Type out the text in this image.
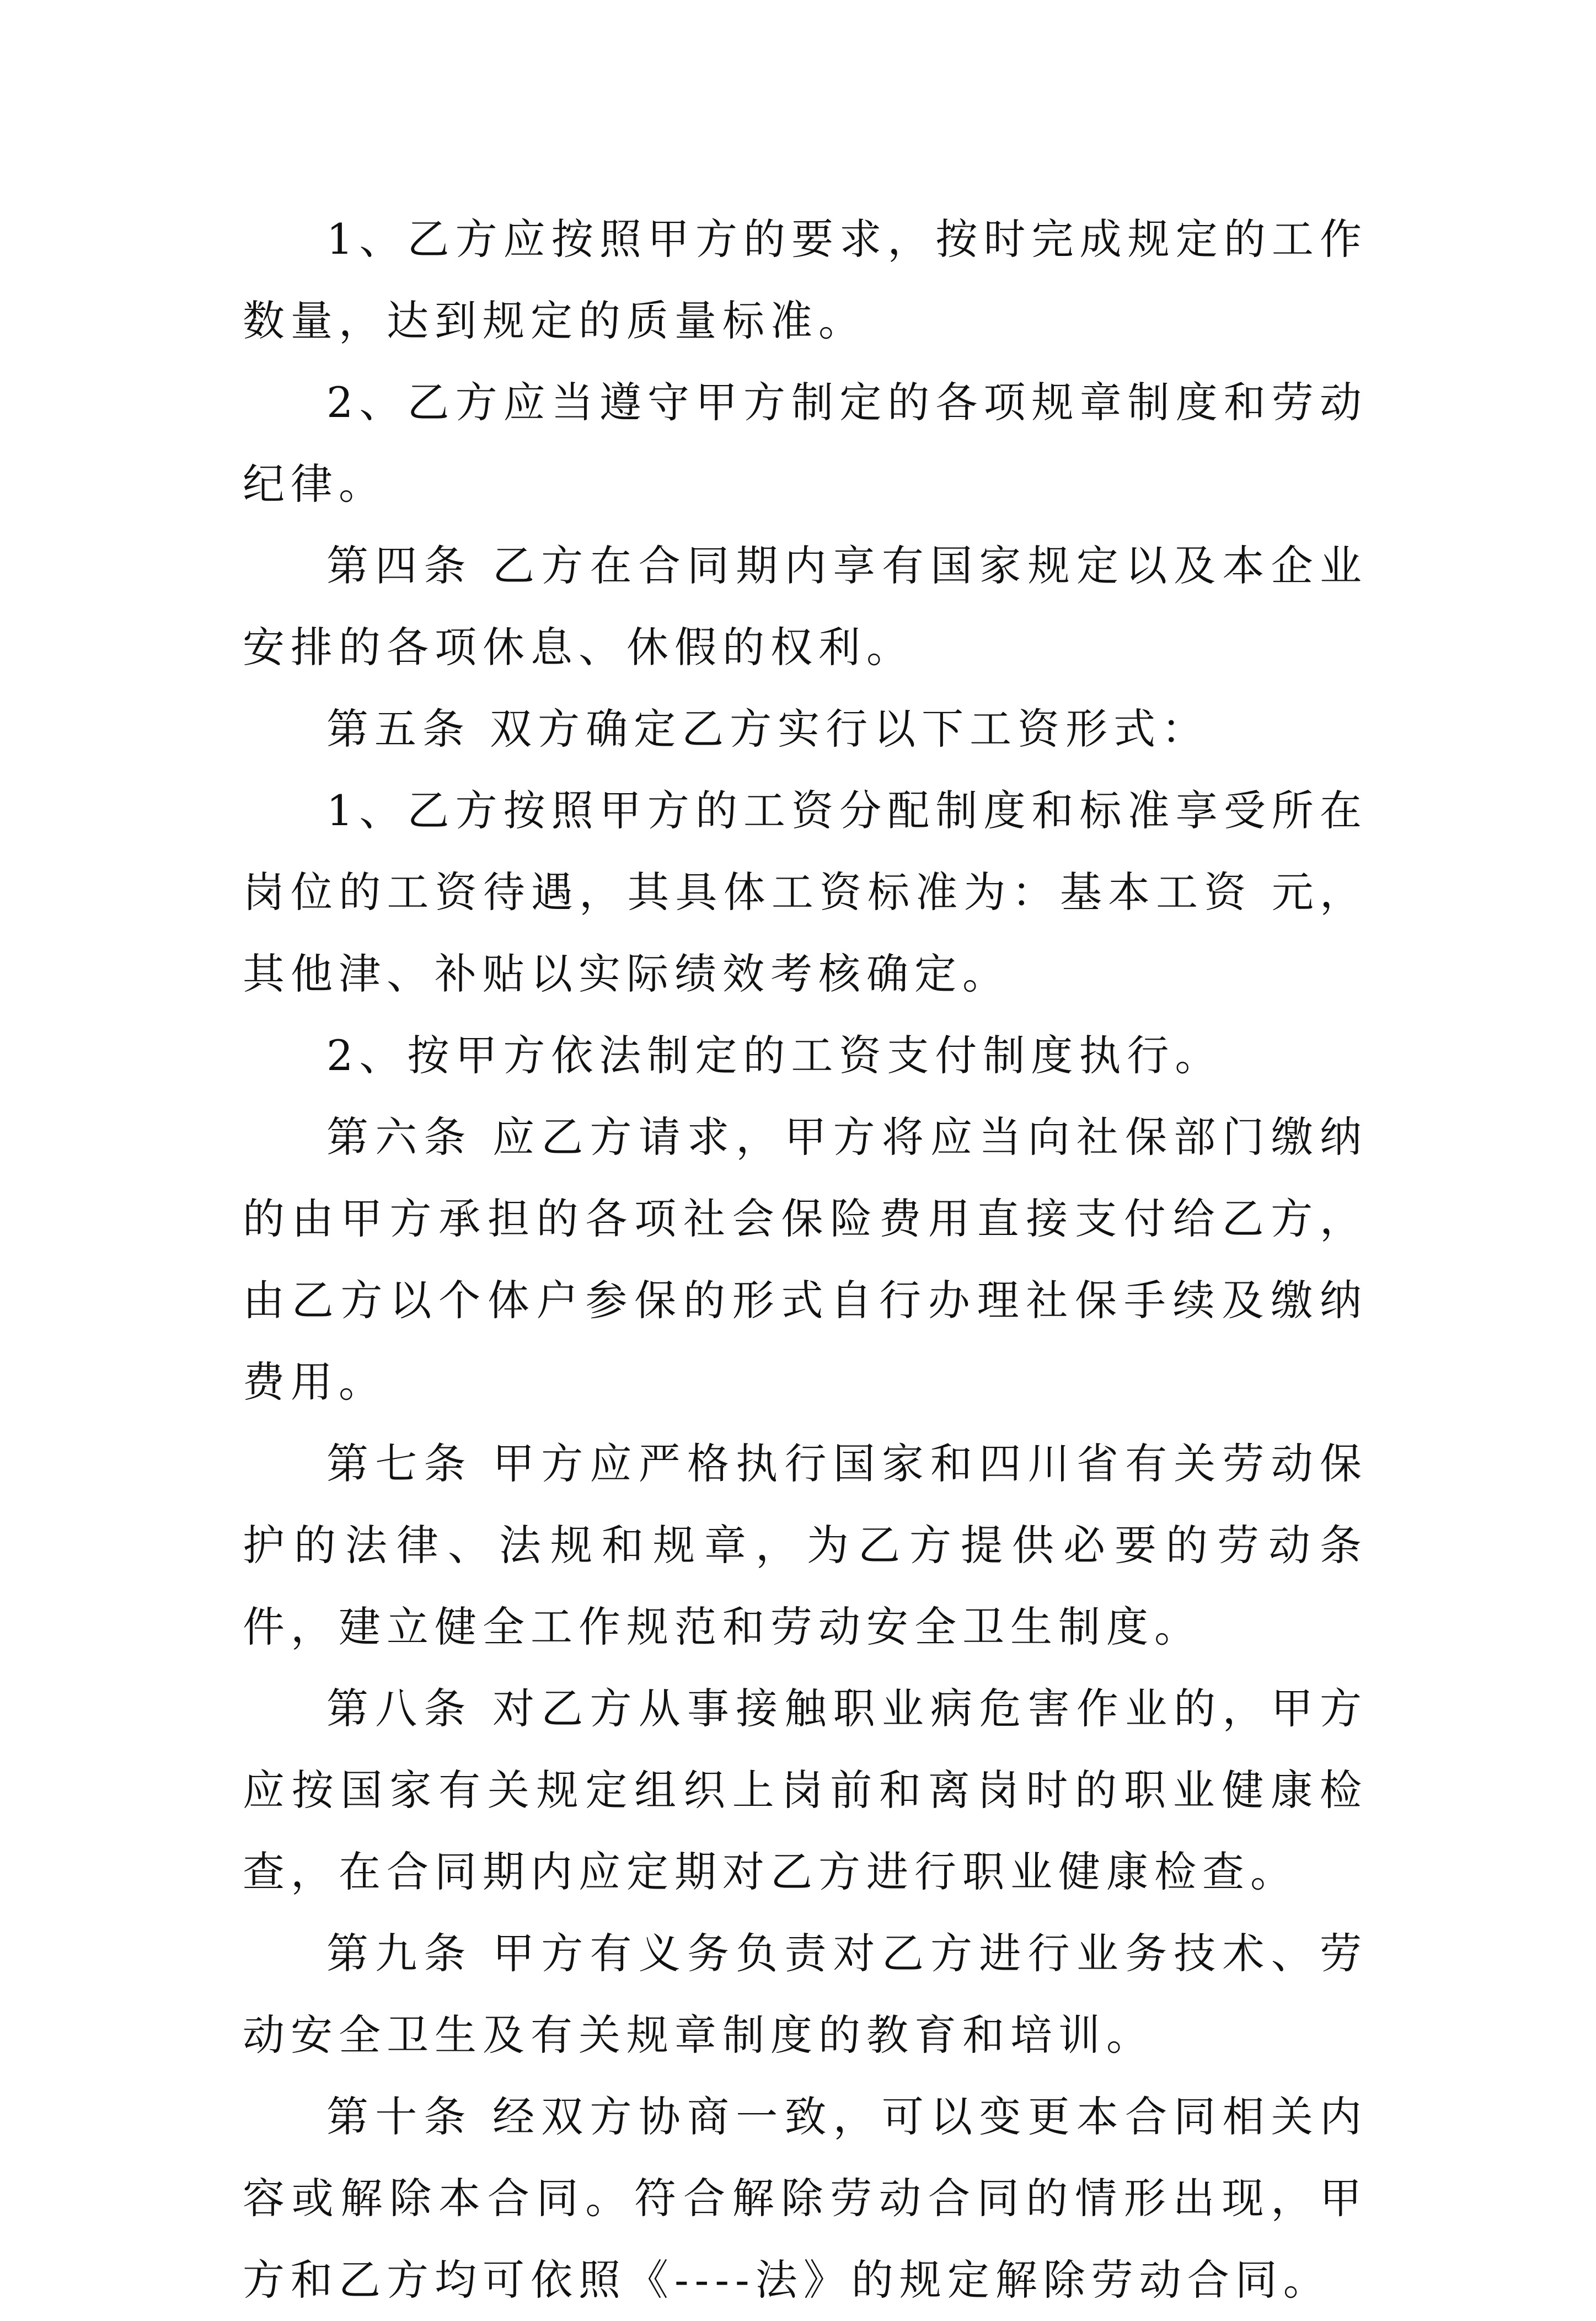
1、乙方应按照甲方的要求，按时完成规定的工作数量，达到规定的质量标准。

2、乙方应当遵守甲方制定的各项规章制度和劳动纪律。

第四条 乙方在合同期内享有国家规定以及本企业安排的各项休息、休假的权利。

第五条 双方确定乙方实行以下工资形式：

1、乙方按照甲方的工资分配制度和标准享受所在岗位的工资待遇，其具体工资标准为：基本工资 元，其他津、补贴以实际绩效考核确定。

2、按甲方依法制定的工资支付制度执行。

第六条 应乙方请求，甲方将应当向社保部门缴纳的由甲方承担的各项社会保险费用直接支付给乙方，由乙方以个体户参保的形式自行办理社保手续及缴纳费用。

第七条 甲方应严格执行国家和四川省有关劳动保护的法律、法规和规章，为乙方提供必要的劳动条件，建立健全工作规范和劳动安全卫生制度。

第八条 对乙方从事接触职业病危害作业的，甲方应按国家有关规定组织上岗前和离岗时的职业健康检查，在合同期内应定期对乙方进行职业健康检查。

第九条 甲方有义务负责对乙方进行业务技术、劳动安全卫生及有关规章制度的教育和培训。

第十条 经双方协商一致，可以变更本合同相关内容或解除本合同。符合解除劳动合同的情形出现，甲方和乙方均可依照《----法》的规定解除劳动合同。
